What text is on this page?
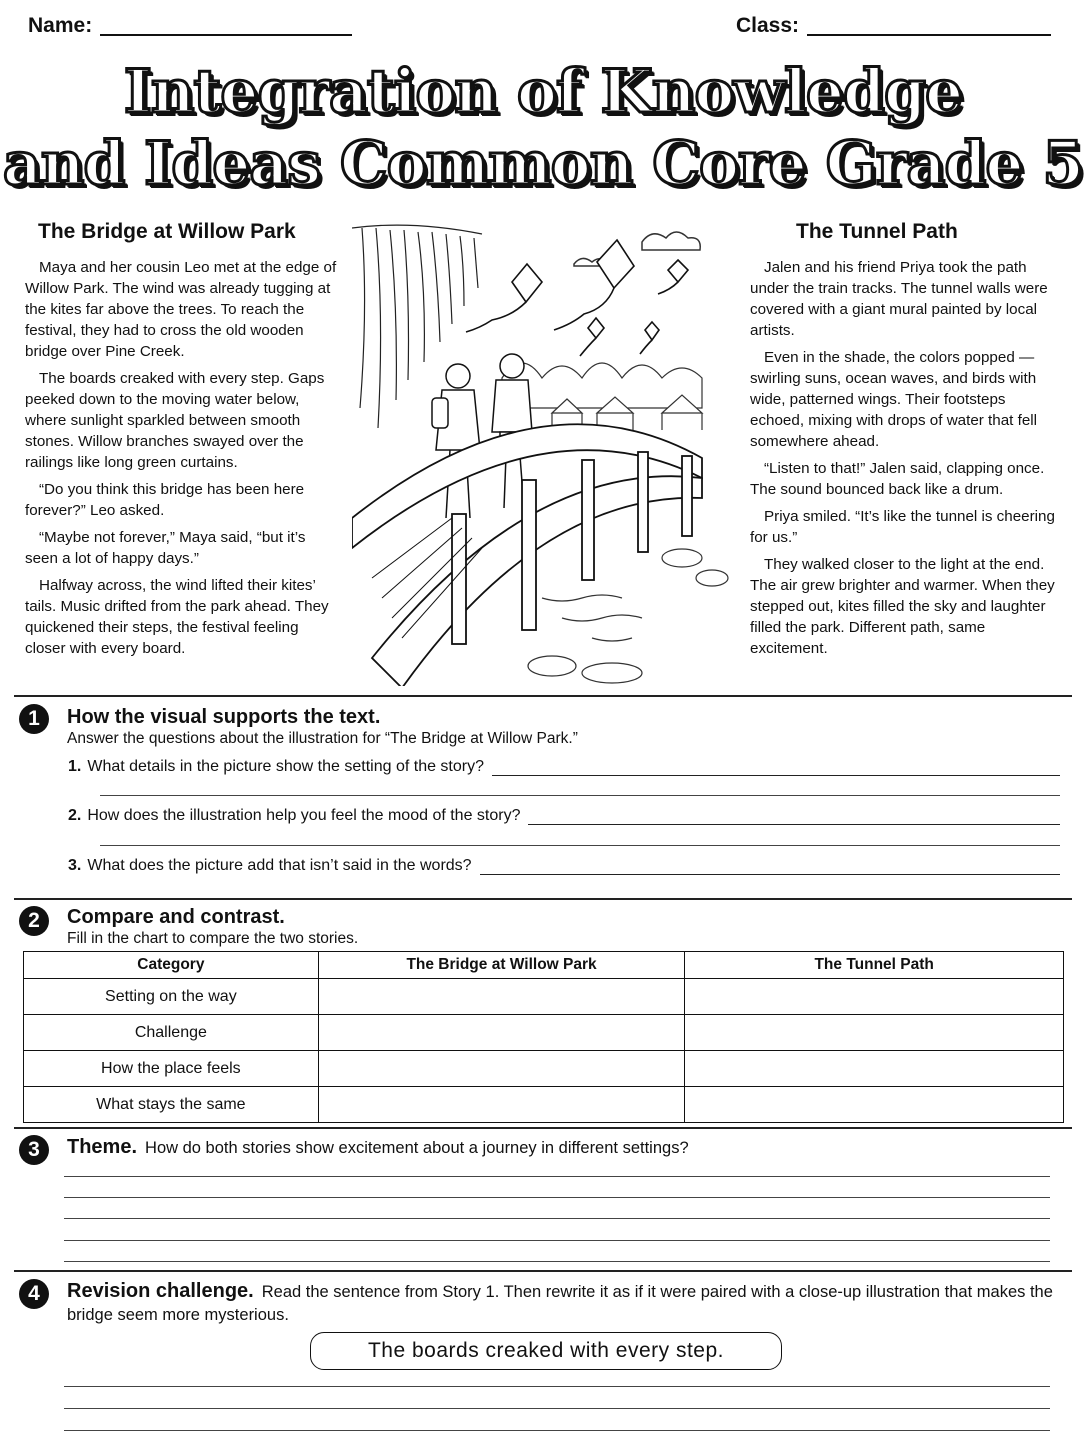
Name:	Class:
Integration of Knowledge
and Ideas Common Core Grade 5
The Bridge at Willow Park

Maya and her cousin Leo met at the edge of Willow Park. The wind was already tugging at the kites far above the trees. To reach the festival, they had to cross the old wooden bridge over Pine Creek.

The boards creaked with every step. Gaps peeked down to the moving water below, where sunlight sparkled between smooth stones. Willow branches swayed over the railings like long green curtains.

“Do you think this bridge has been here forever?” Leo asked.

“Maybe not forever,” Maya said, “but it’s seen a lot of happy days.”

Halfway across, the wind lifted their kites’ tails. Music drifted from the park ahead. They quickened their steps, the festival feeling closer with every board.

The Tunnel Path

Jalen and his friend Priya took the path under the train tracks. The tunnel walls were covered with a giant mural painted by local artists.

Even in the shade, the colors popped — swirling suns, ocean waves, and birds with wide, patterned wings. Their footsteps echoed, mixing with drops of water that fell somewhere ahead.

“Listen to that!” Jalen said, clapping once. The sound bounced back like a drum.

Priya smiled. “It’s like the tunnel is cheering for us.”

They walked closer to the light at the end. The air grew brighter and warmer. When they stepped out, kites filled the sky and laughter filled the park. Different path, same excitement.

1	How the visual supports the text.
Answer the questions about the illustration for “The Bridge at Willow Park.”
1. What details in the picture show the setting of the story?
2. How does the illustration help you feel the mood of the story?
3. What does the picture add that isn’t said in the words?
2	Compare and contrast.
Fill in the chart to compare the two stories.
Category	The Bridge at Willow Park	The Tunnel Path
Setting on the way		
Challenge		
How the place feels		
What stays the same		
3	Theme. How do both stories show excitement about a journey in different settings?
4	Revision challenge. Read the sentence from Story 1. Then rewrite it as if it were paired with a close-up illustration that makes the bridge seem more mysterious.
The boards creaked with every step.
